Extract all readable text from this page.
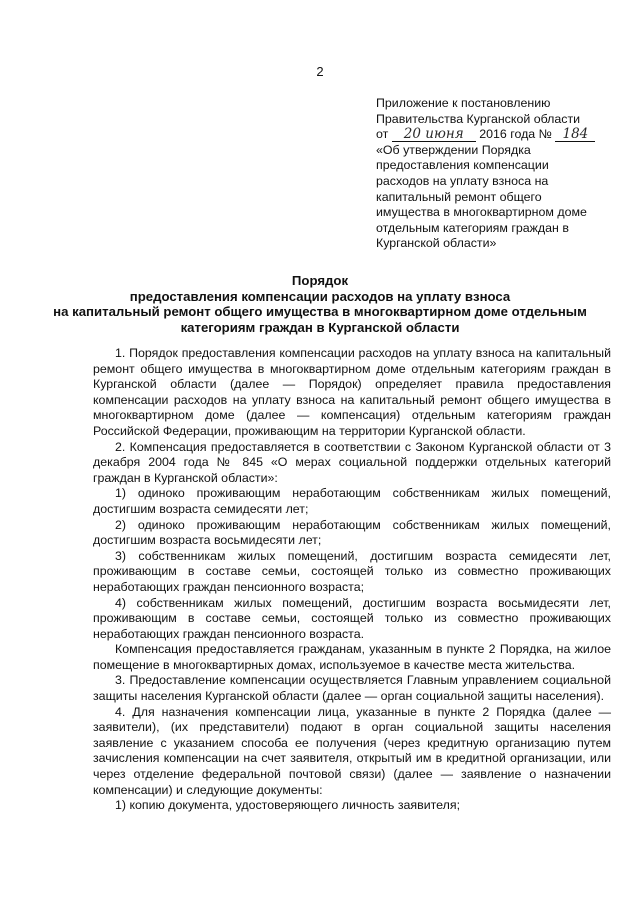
2
Приложение к постановлению
Правительства Курганской области
от 20 июня 2016 года № 184
«Об утверждении Порядка
предоставления компенсации
расходов на уплату взноса на
капитальный ремонт общего
имущества в многоквартирном доме
отдельным категориям граждан в
Курганской области»
Порядок
предоставления компенсации расходов на уплату взноса
на капитальный ремонт общего имущества в многоквартирном доме отдельным
категориям граждан в Курганской области

1. Порядок предоставления компенсации расходов на уплату взноса на капитальный ремонт общего имущества в многоквартирном доме отдельным категориям граждан в Курганской области (далее — Порядок) определяет правила предоставления компенсации расходов на уплату взноса на капитальный ремонт общего имущества в многоквартирном доме (далее — компенсация) отдельным категориям граждан Российской Федерации, проживающим на территории Курганской области.

2. Компенсация предоставляется в соответствии с Законом Курганской области от 3 декабря 2004 года № 845 «О мерах социальной поддержки отдельных категорий граждан в Курганской области»:

1) одиноко проживающим неработающим собственникам жилых помещений, достигшим возраста семидесяти лет;

2) одиноко проживающим неработающим собственникам жилых помещений, достигшим возраста восьмидесяти лет;

3) собственникам жилых помещений, достигшим возраста семидесяти лет, проживающим в составе семьи, состоящей только из совместно проживающих неработающих граждан пенсионного возраста;

4) собственникам жилых помещений, достигшим возраста восьмидесяти лет, проживающим в составе семьи, состоящей только из совместно проживающих неработающих граждан пенсионного возраста.

Компенсация предоставляется гражданам, указанным в пункте 2 Порядка, на жилое помещение в многоквартирных домах, используемое в качестве места жительства.

3. Предоставление компенсации осуществляется Главным управлением социальной защиты населения Курганской области (далее — орган социальной защиты населения).

4. Для назначения компенсации лица, указанные в пункте 2 Порядка (далее — заявители), (их представители) подают в орган социальной защиты населения заявление с указанием способа ее получения (через кредитную организацию путем зачисления компенсации на счет заявителя, открытый им в кредитной организации, или через отделение федеральной почтовой связи) (далее — заявление о назначении компенсации) и следующие документы:

1) копию документа, удостоверяющего личность заявителя;
